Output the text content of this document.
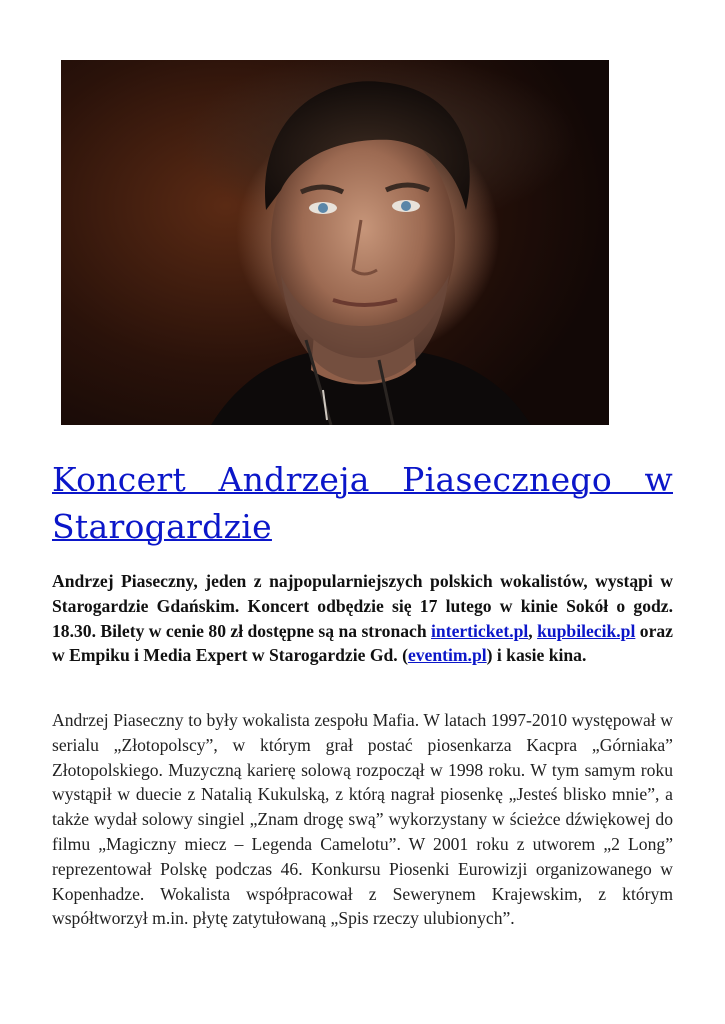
Koncert Andrzeja Piasecznego w Starogardzie

Andrzej Piaseczny, jeden z najpopularniejszych polskich wokalistów, wystąpi w Starogardzie Gdańskim. Koncert odbędzie się 17 lutego w kinie Sokół o godz. 18.30. Bilety w cenie 80 zł dostępne są na stronach interticket.pl, kupbilecik.pl oraz w Empiku i Media Expert w Starogardzie Gd. (eventim.pl) i kasie kina.

Andrzej Piaseczny to były wokalista zespołu Mafia. W latach 1997-2010 występował w serialu „Złotopolscy”, w którym grał postać piosenkarza Kacpra „Górniaka” Złotopolskiego. Muzyczną karierę solową rozpoczął w 1998 roku. W tym samym roku wystąpił w duecie z Natalią Kukulską, z którą nagrał piosenkę „Jesteś blisko mnie”, a także wydał solowy singiel „Znam drogę swą” wykorzystany w ścieżce dźwiękowej do filmu „Magiczny miecz – Legenda Camelotu”. W 2001 roku z utworem „2 Long” reprezentował Polskę podczas 46. Konkursu Piosenki Eurowizji organizowanego w Kopenhadze. Wokalista współpracował z Sewerynem Krajewskim, z którym współtworzył m.in. płytę zatytułowaną „Spis rzeczy ulubionych”.
